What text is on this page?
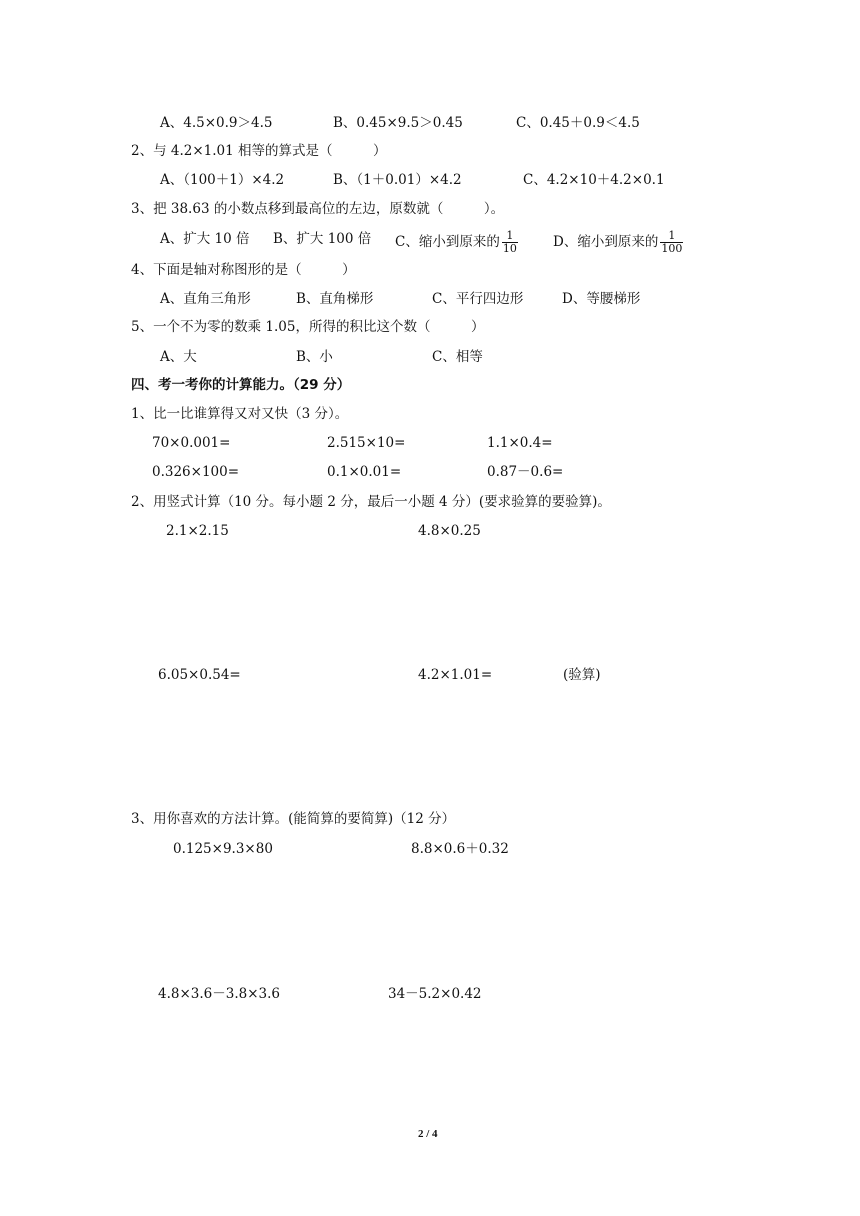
A、4.5×0.9＞4.5	B、0.45×9.5＞0.45	C、0.45＋0.9＜4.5
2、与 4.2×1.01 相等的算式是（　　　）
A、（100＋1）×4.2	B、（1＋0.01）×4.2	C、4.2×10＋4.2×0.1
3、把 38.63 的小数点移到最高位的左边，原数就（　　　）。
A、扩大 10 倍 B、扩大 100 倍 C、缩小到原来的 $\frac{1}{10}$	D、缩小到原来的 $\frac{1}{100}$
4、下面是轴对称图形的是（　　　）
A、直角三角形	B、直角梯形	C、平行四边形	D、等腰梯形
5、一个不为零的数乘 1.05，所得的积比这个数（　　　）
A、大	B、小	C、相等
四、考一考你的计算能力。（29 分）
1、比一比谁算得又对又快（3 分）。
70×0.001=	2.515×10=	1.1×0.4=
0.326×100=	0.1×0.01=	0.87－0.6=
2、用竖式计算（10 分。每小题 2 分，最后一小题 4 分）(要求验算的要验算)。
2.1×2.15	4.8×0.25
6.05×0.54=	4.2×1.01=	(验算)
3、用你喜欢的方法计算。(能简算的要简算)（12 分）
0.125×9.3×80	8.8×0.6＋0.32
4.8×3.6－3.8×3.6	34－5.2×0.42
2 / 4
